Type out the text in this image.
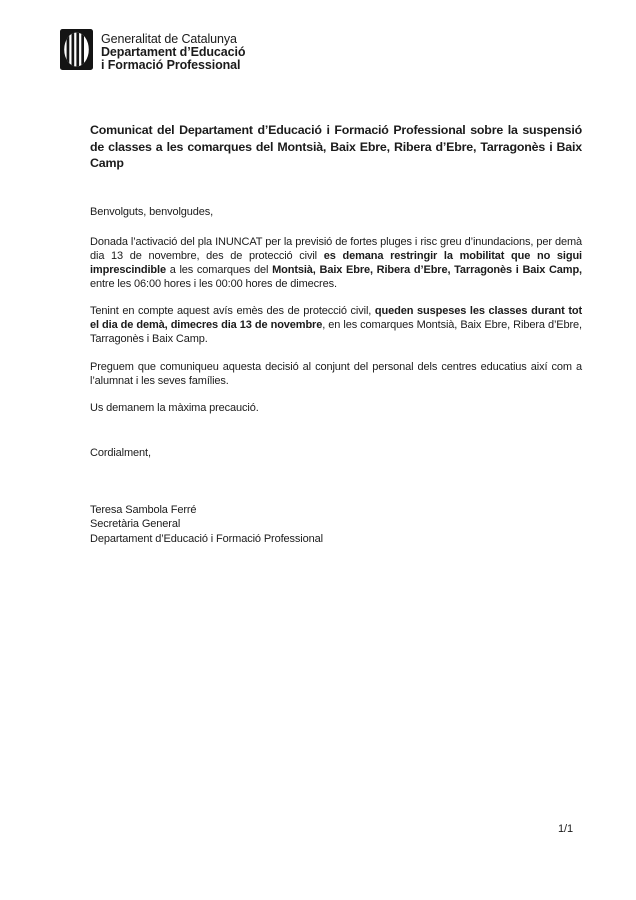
Generalitat de Catalunya
Departament d’Educació
i Formació Professional

Comunicat del Departament d’Educació i Formació Professional sobre la suspensió de classes a les comarques del Montsià, Baix Ebre, Ribera d’Ebre, Tarragonès i Baix Camp

Benvolguts, benvolgudes,

Donada l’activació del pla INUNCAT per la previsió de fortes pluges i risc greu d’inundacions, per demà dia 13 de novembre, des de protecció civil es demana restringir la mobilitat que no sigui imprescindible a les comarques del Montsià, Baix Ebre, Ribera d’Ebre, Tarragonès i Baix Camp, entre les 06:00 hores i les 00:00 hores de dimecres.

Tenint en compte aquest avís emès des de protecció civil, queden suspeses les classes durant tot el dia de demà, dimecres dia 13 de novembre, en les comarques Montsià, Baix Ebre, Ribera d’Ebre, Tarragonès i Baix Camp.

Preguem que comuniqueu aquesta decisió al conjunt del personal dels centres educatius així com a l’alumnat i les seves famílies.

Us demanem la màxima precaució.

Cordialment,

Teresa Sambola Ferré
Secretària General
Departament d’Educació i Formació Professional
1/1
